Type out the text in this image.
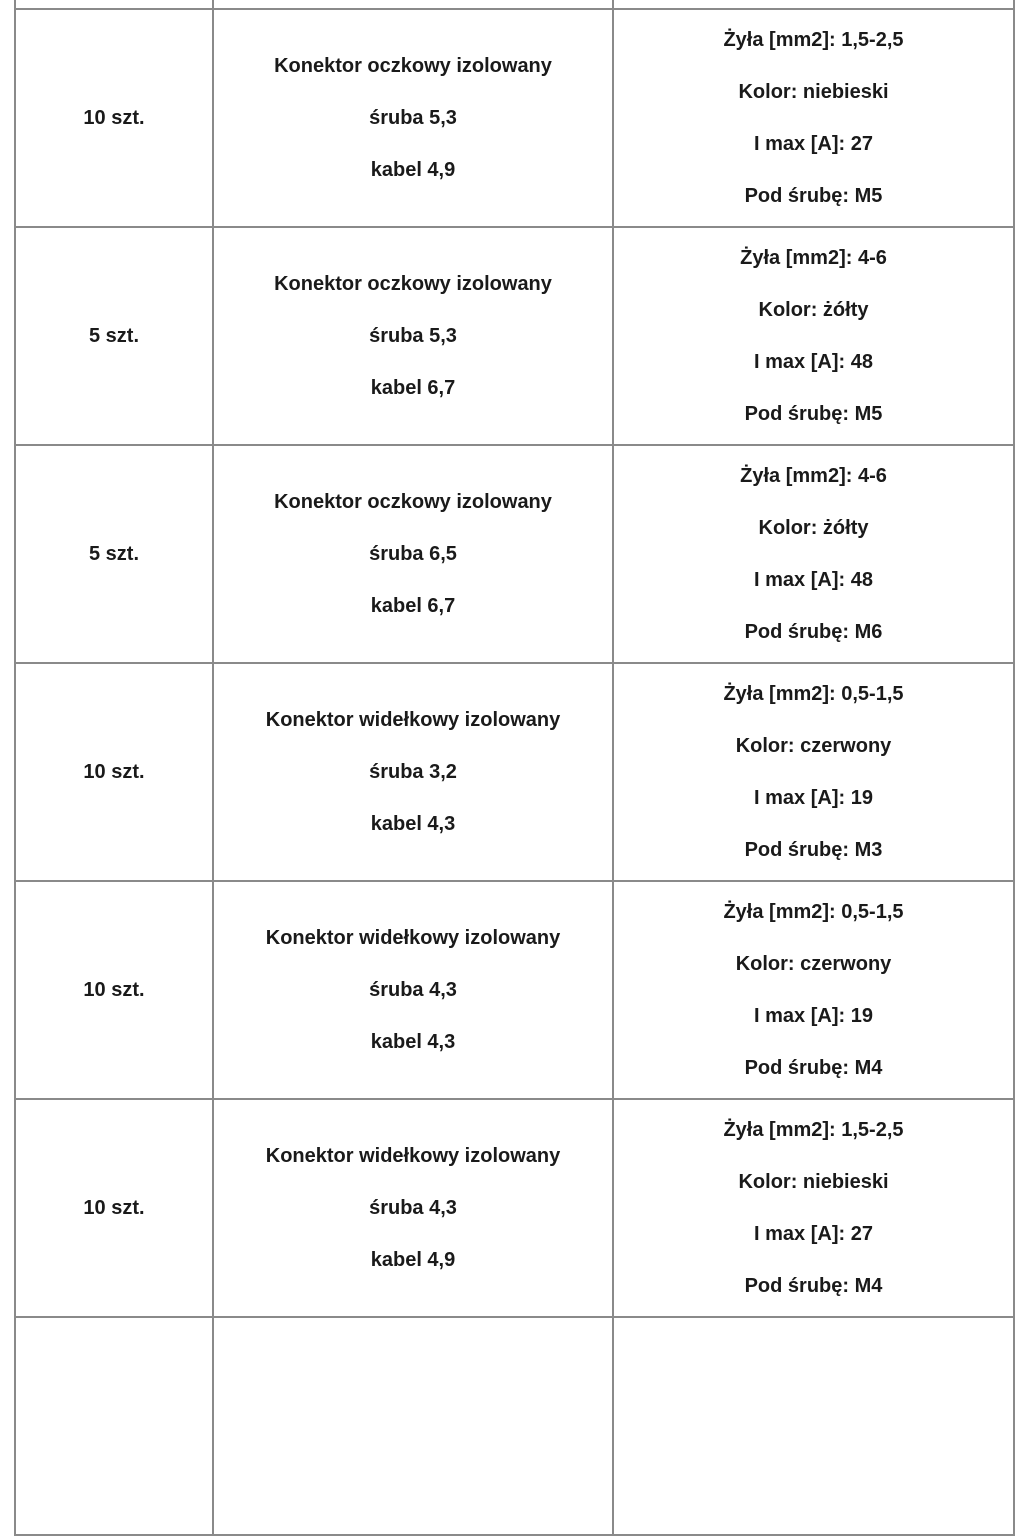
10 szt.	Konektor oczkowy izolowany
śruba 5,3
kabel 4,9	Żyła [mm2]: 1,5-2,5
Kolor: niebieski
I max [A]: 27
Pod śrubę: M5

5 szt.	Konektor oczkowy izolowany
śruba 5,3
kabel 6,7	Żyła [mm2]: 4-6
Kolor: żółty
I max [A]: 48
Pod śrubę: M5

5 szt.	Konektor oczkowy izolowany
śruba 6,5
kabel 6,7	Żyła [mm2]: 4-6
Kolor: żółty
I max [A]: 48
Pod śrubę: M6

10 szt.	Konektor widełkowy izolowany
śruba 3,2
kabel 4,3	Żyła [mm2]: 0,5-1,5
Kolor: czerwony
I max [A]: 19
Pod śrubę: M3

10 szt.	Konektor widełkowy izolowany
śruba 4,3
kabel 4,3	Żyła [mm2]: 0,5-1,5
Kolor: czerwony
I max [A]: 19
Pod śrubę: M4

10 szt.	Konektor widełkowy izolowany
śruba 4,3
kabel 4,9	Żyła [mm2]: 1,5-2,5
Kolor: niebieski
I max [A]: 27
Pod śrubę: M4
